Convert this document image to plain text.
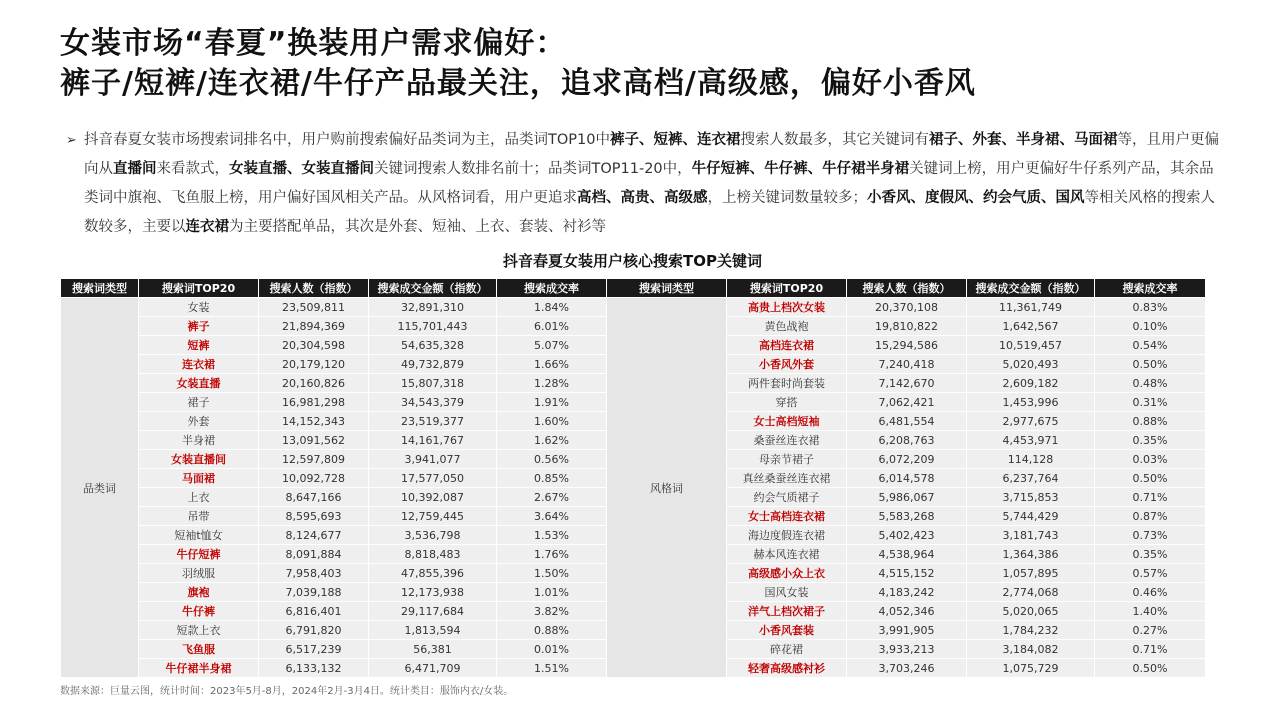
女装市场“春夏”换装用户需求偏好：
裤子/短裤/连衣裙/牛仔产品最关注，追求高档/高级感，偏好小香风
➢ 抖音春夏女装市场搜索词排名中，用户购前搜索偏好品类词为主，品类词TOP10中裤子、短裤、连衣裙搜索人数最多，其它关键词有裙子、外套、半身裙、马面裙等，且用户更偏向从直播间来看款式，女装直播、女装直播间关键词搜索人数排名前十；品类词TOP11-20中，牛仔短裤、牛仔裤、牛仔裙半身裙关键词上榜，用户更偏好牛仔系列产品，其余品类词中旗袍、飞鱼服上榜，用户偏好国风相关产品。从风格词看，用户更追求高档、高贵、高级感，上榜关键词数量较多；小香风、度假风、约会气质、国风等相关风格的搜索人数较多，主要以连衣裙为主要搭配单品，其次是外套、短袖、上衣、套装、衬衫等
抖音春夏女装用户核心搜索TOP关键词
搜索词类型	搜索词TOP20	搜索人数（指数）	搜索成交金额（指数）	搜索成交率	搜索词类型	搜索词TOP20	搜索人数（指数）	搜索成交金额（指数）	搜索成交率
品类词	女装	23,509,811	32,891,310	1.84%	风格词	高贵上档次女装	20,370,108	11,361,749	0.83%
	裤子	21,894,369	115,701,443	6.01%		黄色战袍	19,810,822	1,642,567	0.10%
	短裤	20,304,598	54,635,328	5.07%		高档连衣裙	15,294,586	10,519,457	0.54%
	连衣裙	20,179,120	49,732,879	1.66%		小香风外套	7,240,418	5,020,493	0.50%
	女装直播	20,160,826	15,807,318	1.28%		两件套时尚套装	7,142,670	2,609,182	0.48%
	裙子	16,981,298	34,543,379	1.91%		穿搭	7,062,421	1,453,996	0.31%
	外套	14,152,343	23,519,377	1.60%		女士高档短袖	6,481,554	2,977,675	0.88%
	半身裙	13,091,562	14,161,767	1.62%		桑蚕丝连衣裙	6,208,763	4,453,971	0.35%
	女装直播间	12,597,809	3,941,077	0.56%		母亲节裙子	6,072,209	114,128	0.03%
	马面裙	10,092,728	17,577,050	0.85%		真丝桑蚕丝连衣裙	6,014,578	6,237,764	0.50%
	上衣	8,647,166	10,392,087	2.67%		约会气质裙子	5,986,067	3,715,853	0.71%
	吊带	8,595,693	12,759,445	3.64%		女士高档连衣裙	5,583,268	5,744,429	0.87%
	短袖t恤女	8,124,677	3,536,798	1.53%		海边度假连衣裙	5,402,423	3,181,743	0.73%
	牛仔短裤	8,091,884	8,818,483	1.76%		赫本风连衣裙	4,538,964	1,364,386	0.35%
	羽绒服	7,958,403	47,855,396	1.50%		高级感小众上衣	4,515,152	1,057,895	0.57%
	旗袍	7,039,188	12,173,938	1.01%		国风女装	4,183,242	2,774,068	0.46%
	牛仔裤	6,816,401	29,117,684	3.82%		洋气上档次裙子	4,052,346	5,020,065	1.40%
	短款上衣	6,791,820	1,813,594	0.88%		小香风套装	3,991,905	1,784,232	0.27%
	飞鱼服	6,517,239	56,381	0.01%		碎花裙	3,933,213	3,184,082	0.71%
	牛仔裙半身裙	6,133,132	6,471,709	1.51%		轻奢高级感衬衫	3,703,246	1,075,729	0.50%
数据来源：巨量云图，统计时间：2023年5月-8月，2024年2月-3月4日。统计类目：服饰内衣/女装。
